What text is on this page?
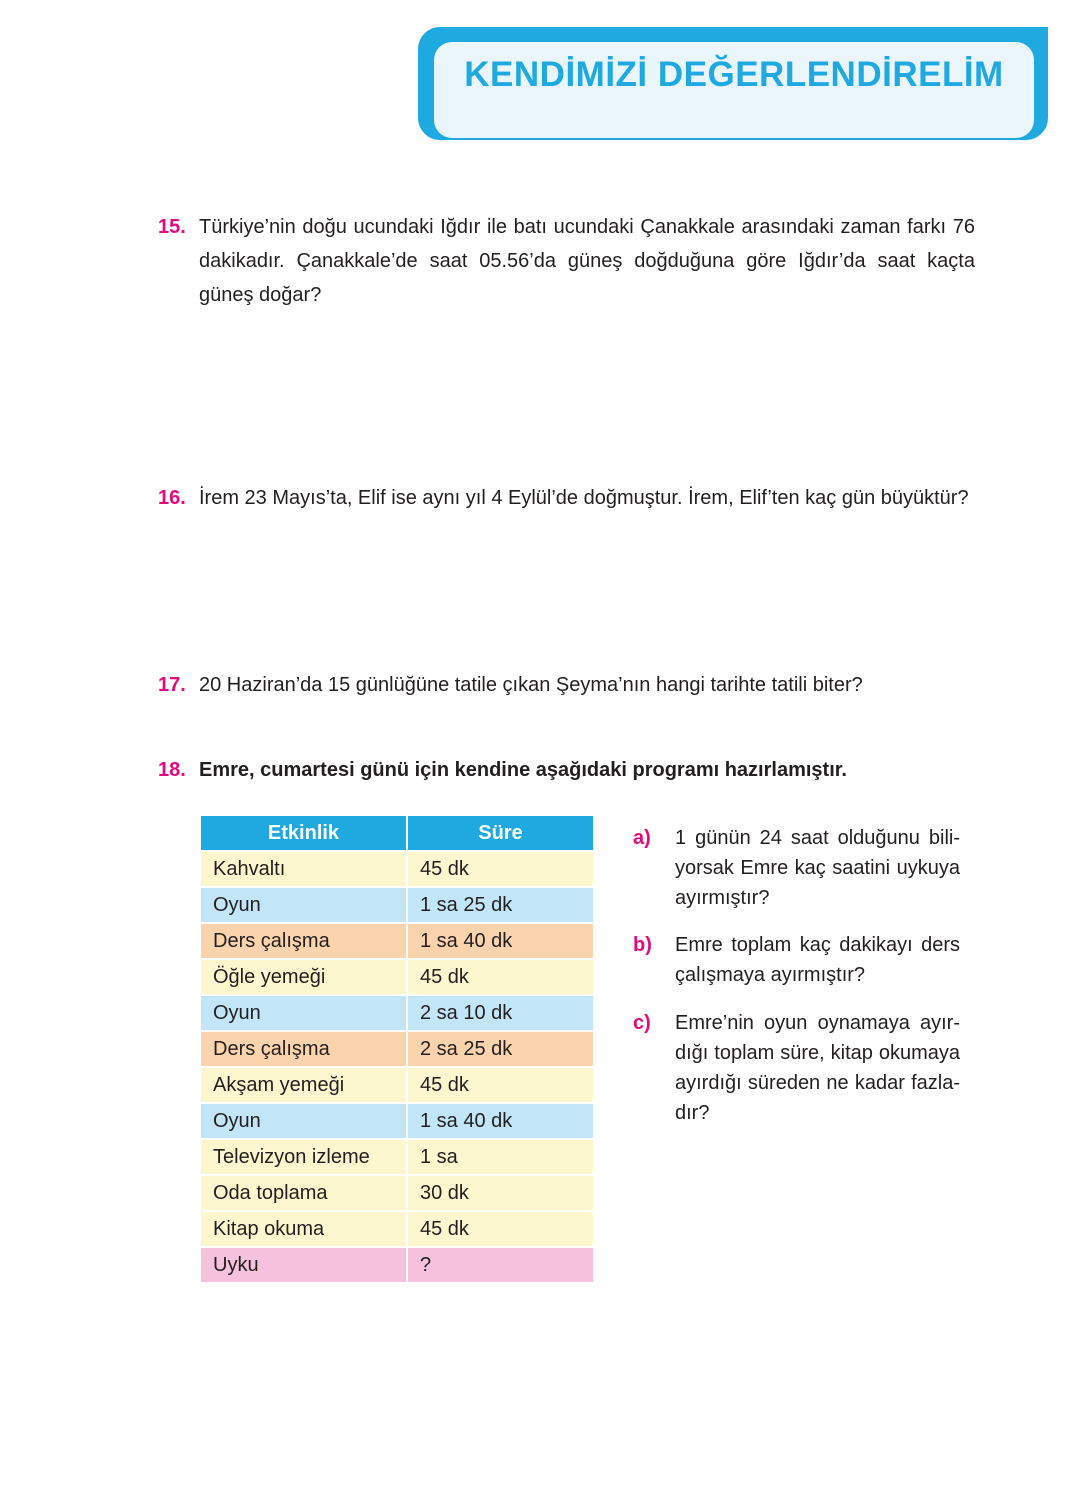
KENDİMİZİ DEĞERLENDİRELİM
15. Türkiye’nin doğu ucundaki Iğdır ile batı ucundaki Çanakkale arasındaki zaman farkı 76 dakikadır. Çanakkale’de saat 05.56’da güneş doğduğuna göre Iğdır’da saat kaçta güneş doğar?
16. İrem 23 Mayıs’ta, Elif ise aynı yıl 4 Eylül’de doğmuştur. İrem, Elif’ten kaç gün büyüktür?
17. 20 Haziran’da 15 günlüğüne tatile çıkan Şeyma’nın hangi tarihte tatili biter?
18. Emre, cumartesi günü için kendine aşağıdaki programı hazırlamıştır.
Etkinlik	Süre
Kahvaltı	45 dk
Oyun	1 sa 25 dk
Ders çalışma	1 sa 40 dk
Öğle yemeği	45 dk
Oyun	2 sa 10 dk
Ders çalışma	2 sa 25 dk
Akşam yemeği	45 dk
Oyun	1 sa 40 dk
Televizyon izleme	1 sa
Oda toplama	30 dk
Kitap okuma	45 dk
Uyku	?
a) 1 günün 24 saat olduğunu bili-yorsak Emre kaç saatini uykuya ayırmıştır?
b) Emre toplam kaç dakikayı ders çalışmaya ayırmıştır?
c) Emre’nin oyun oynamaya ayır-dığı toplam süre, kitap okumaya ayırdığı süreden ne kadar fazla-dır?
